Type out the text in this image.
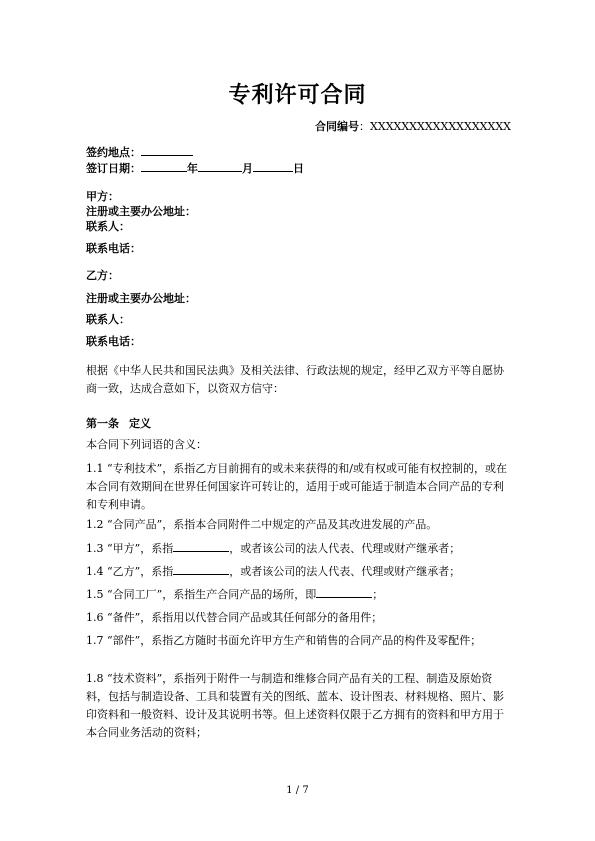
专利许可合同
合同编号：XXXXXXXXXXXXXXXXXX
签约地点：
签订日期：	年	月	日
甲方：
注册或主要办公地址：
联系人：
联系电话：
乙方：
注册或主要办公地址：
联系人：
联系电话：

根据《中华人民共和国民法典》及相关法律、行政法规的规定，经甲乙双方平等自愿协商一致，达成合意如下，以资双方信守：

第一条 定义

本合同下列词语的含义：

1.1 “专利技术”，系指乙方目前拥有的或未来获得的和/或有权或可能有权控制的，或在本合同有效期间在世界任何国家许可转让的，适用于或可能适于制造本合同产品的专利和专利申请。

1.2 “合同产品”，系指本合同附件二中规定的产品及其改进发展的产品。

1.3 “甲方”，系指	，或者该公司的法人代表、代理或财产继承者；

1.4 “乙方”，系指	，或者该公司的法人代表、代理或财产继承者；

1.5 “合同工厂”，系指生产合同产品的场所，即	；

1.6 “备件”，系指用以代替合同产品或其任何部分的备用件；

1.7 “部件”，系指乙方随时书面允许甲方生产和销售的合同产品的构件及零配件；

1.8 “技术资料”，系指列于附件一与制造和维修合同产品有关的工程、制造及原始资料，包括与制造设备、工具和装置有关的图纸、蓝本、设计图表、材料规格、照片、影印资料和一般资料、设计及其说明书等。但上述资料仅限于乙方拥有的资料和甲方用于本合同业务活动的资料；

1 / 7
